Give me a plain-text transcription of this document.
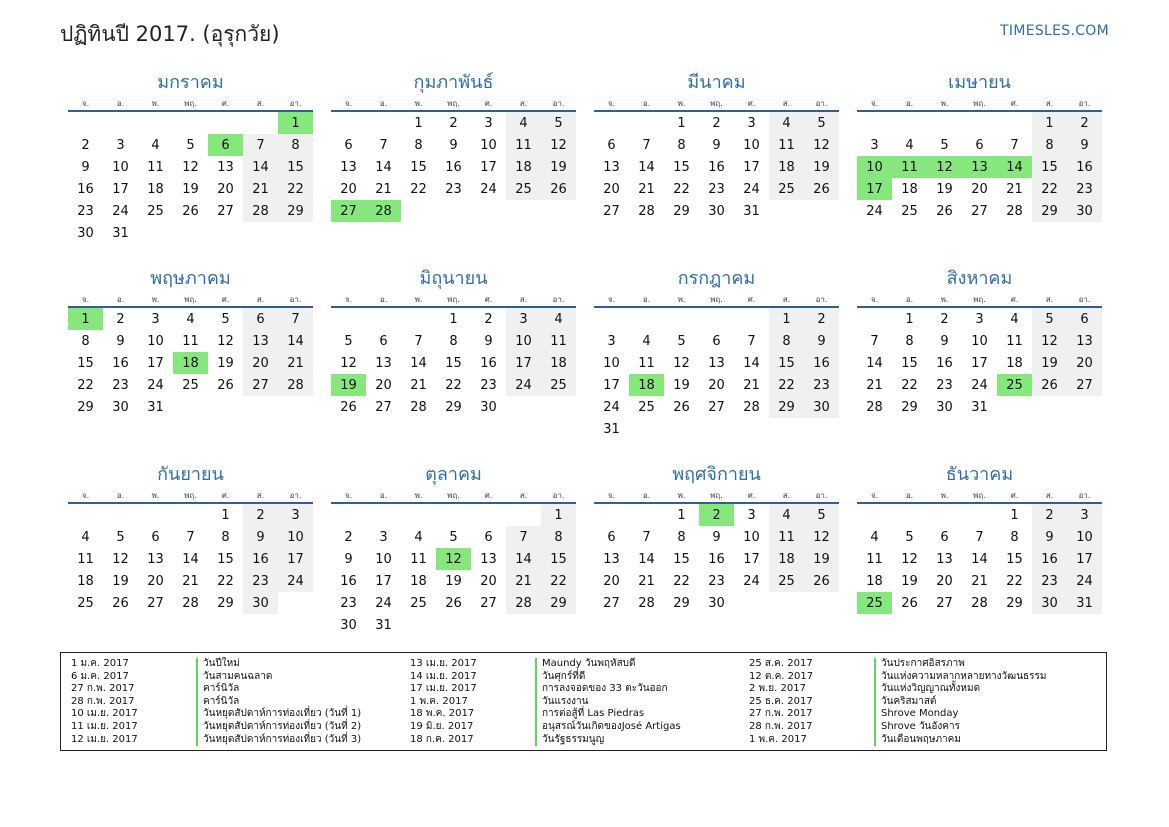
ปฏิทินปี 2017. (อุรุกวัย)	TIMESLES.COM
มกราคม
จ.	อ.	พ.	พฤ.	ศ.	ส.	อา.
						1
2	3	4	5	6	7	8
9	10	11	12	13	14	15
16	17	18	19	20	21	22
23	24	25	26	27	28	29
30	31					
กุมภาพันธ์
จ.	อ.	พ.	พฤ.	ศ.	ส.	อา.
		1	2	3	4	5
6	7	8	9	10	11	12
13	14	15	16	17	18	19
20	21	22	23	24	25	26
27	28					
มีนาคม
จ.	อ.	พ.	พฤ.	ศ.	ส.	อา.
		1	2	3	4	5
6	7	8	9	10	11	12
13	14	15	16	17	18	19
20	21	22	23	24	25	26
27	28	29	30	31		
เมษายน
จ.	อ.	พ.	พฤ.	ศ.	ส.	อา.
					1	2
3	4	5	6	7	8	9
10	11	12	13	14	15	16
17	18	19	20	21	22	23
24	25	26	27	28	29	30
พฤษภาคม
จ.	อ.	พ.	พฤ.	ศ.	ส.	อา.
1	2	3	4	5	6	7
8	9	10	11	12	13	14
15	16	17	18	19	20	21
22	23	24	25	26	27	28
29	30	31				
มิถุนายน
จ.	อ.	พ.	พฤ.	ศ.	ส.	อา.
			1	2	3	4
5	6	7	8	9	10	11
12	13	14	15	16	17	18
19	20	21	22	23	24	25
26	27	28	29	30		
กรกฎาคม
จ.	อ.	พ.	พฤ.	ศ.	ส.	อา.
					1	2
3	4	5	6	7	8	9
10	11	12	13	14	15	16
17	18	19	20	21	22	23
24	25	26	27	28	29	30
31						
สิงหาคม
จ.	อ.	พ.	พฤ.	ศ.	ส.	อา.
	1	2	3	4	5	6
7	8	9	10	11	12	13
14	15	16	17	18	19	20
21	22	23	24	25	26	27
28	29	30	31			
กันยายน
จ.	อ.	พ.	พฤ.	ศ.	ส.	อา.
				1	2	3
4	5	6	7	8	9	10
11	12	13	14	15	16	17
18	19	20	21	22	23	24
25	26	27	28	29	30	
ตุลาคม
จ.	อ.	พ.	พฤ.	ศ.	ส.	อา.
						1
2	3	4	5	6	7	8
9	10	11	12	13	14	15
16	17	18	19	20	21	22
23	24	25	26	27	28	29
30	31					
พฤศจิกายน
จ.	อ.	พ.	พฤ.	ศ.	ส.	อา.
		1	2	3	4	5
6	7	8	9	10	11	12
13	14	15	16	17	18	19
20	21	22	23	24	25	26
27	28	29	30			
ธันวาคม
จ.	อ.	พ.	พฤ.	ศ.	ส.	อา.
				1	2	3
4	5	6	7	8	9	10
11	12	13	14	15	16	17
18	19	20	21	22	23	24
25	26	27	28	29	30	31
1 ม.ค. 2017	วันปีใหม่
6 ม.ค. 2017	วันสามคนฉลาด
27 ก.พ. 2017	คาร์นิวัล
28 ก.พ. 2017	คาร์นิวัล
10 เม.ย. 2017	วันหยุดสัปดาห์การท่องเที่ยว (วันที่ 1)
11 เม.ย. 2017	วันหยุดสัปดาห์การท่องเที่ยว (วันที่ 2)
12 เม.ย. 2017	วันหยุดสัปดาห์การท่องเที่ยว (วันที่ 3)
13 เม.ย. 2017	Maundy วันพฤหัสบดี
14 เม.ย. 2017	วันศุกร์ที่ดี
17 เม.ย. 2017	การลงจอดของ 33 ตะวันออก
1 พ.ค. 2017	วันแรงงาน
18 พ.ค. 2017	การต่อสู้ที่ Las Piedras
19 มิ.ย. 2017	อนุสรณ์วันเกิดของJosé Artigas
18 ก.ค. 2017	วันรัฐธรรมนูญ
25 ส.ค. 2017	วันประกาศอิสรภาพ
12 ต.ค. 2017	วันแห่งความหลากหลายทางวัฒนธรรม
2 พ.ย. 2017	วันแห่งวิญญาณทั้งหมด
25 ธ.ค. 2017	วันคริสมาสต์
27 ก.พ. 2017	Shrove Monday
28 ก.พ. 2017	Shrove วันอังคาร
1 พ.ค. 2017	วันเดือนพฤษภาคม
